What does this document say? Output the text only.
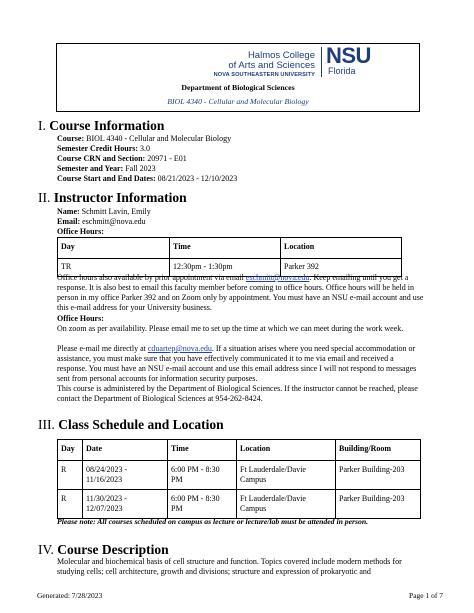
Halmos College
of Arts and Sciences
NOVA SOUTHEASTERN UNIVERSITY
NSU
Florida
Department of Biological Sciences
BIOL 4340 - Cellular and Molecular Biology
I. Course Information
Course: BIOL 4340 - Cellular and Molecular Biology
Semester Credit Hours: 3.0
Course CRN and Section: 20971 - E01
Semester and Year: Fall 2023
Course Start and End Dates: 08/21/2023 - 12/10/2023
II. Instructor Information
Name: Schmitt Lavin, Emily
Email: eschmitt@nova.edu
Office Hours:
Day	Time	Location
TR	12:30pm - 1:30pm	Parker 392
Office hours also available by prior appointment via email eschmitt@nova.edu. Keep emailing until you get a response. It is also best to email this faculty member before coming to office hours. Office hours will be held in person in my office Parker 392 and on Zoom only by appointment. You must have an NSU e-mail account and use this e-mail address for your University business.
Office Hours:
On zoom as per availability. Please email me to set up the time at which we can meet during the work week.
Please e-mail me directly at cduartep@nova.edu. If a situation arises where you need special accommodation or assistance, you must make sure that you have effectively communicated it to me via email and received a response. You must have an NSU e-mail account and use this email address since I will not respond to messages sent from personal accounts for information security purposes.
This course is administered by the Department of Biological Sciences. If the instructor cannot be reached, please contact the Department of Biological Sciences at 954-262-8424.
III. Class Schedule and Location
Day	Date	Time	Location	Building/Room
R	08/24/2023 - 11/16/2023	6:00 PM - 8:30 PM	Ft Lauderdale/Davie Campus	Parker Building-203
R	11/30/2023 - 12/07/2023	6:00 PM - 8:30 PM	Ft Lauderdale/Davie Campus	Parker Building-203
Please note: All courses scheduled on campus as lecture or lecture/lab must be attended in person.
IV. Course Description
Molecular and biochemical basis of cell structure and function. Topics covered include modern methods for studying cells; cell architecture, growth and divisions; structure and expression of prokaryotic and
Generated: 7/28/2023	Page 1 of 7
